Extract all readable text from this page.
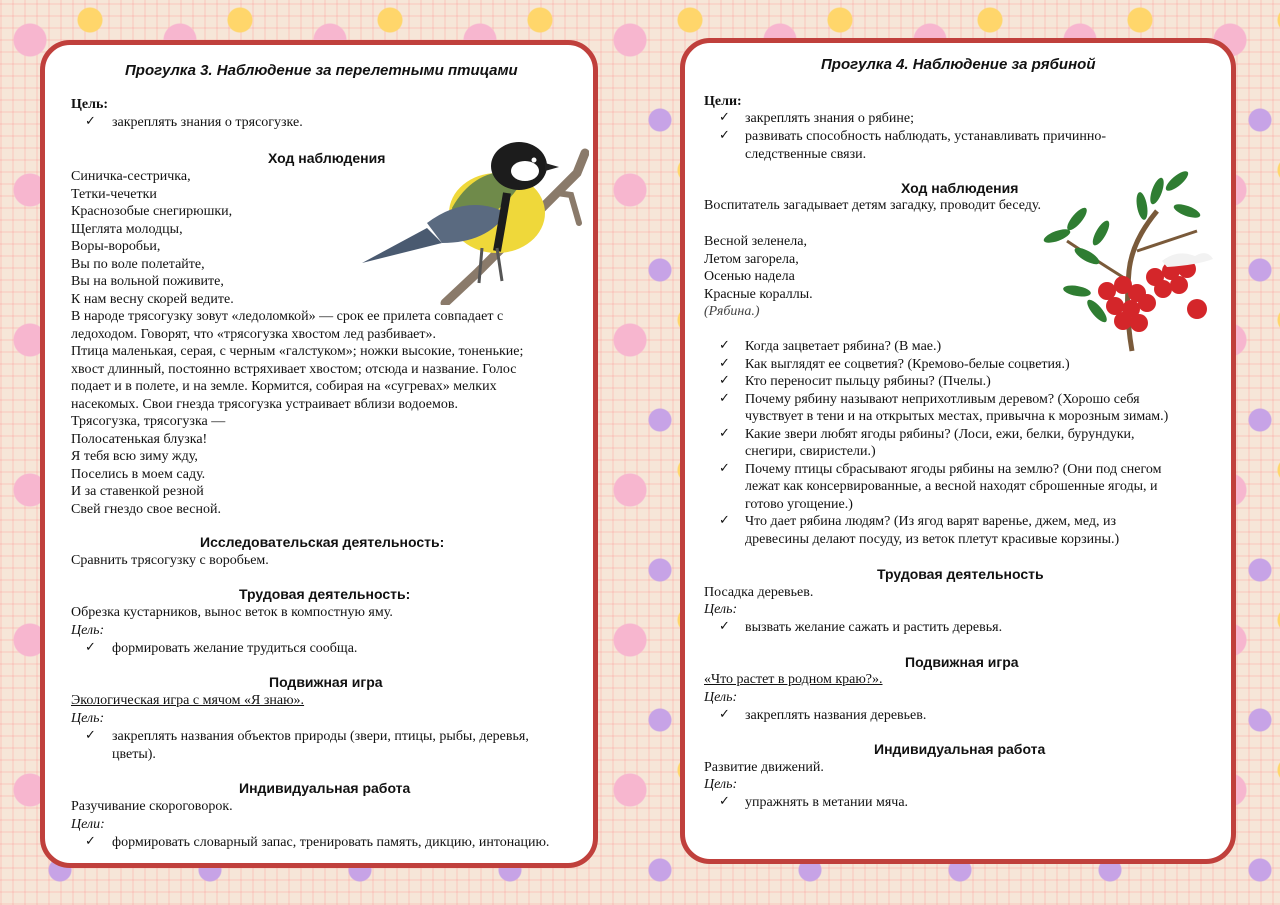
Прогулка 3. Наблюдение за перелетными птицами
Цель:
✓ закреплять знания о трясогузке.
Ход наблюдения
Синичка-сестричка,
Тетки-чечетки
Краснозобые снегирюшки,
Щеглята молодцы,
Воры-воробьи,
Вы по воле полетайте,
Вы на вольной поживите,
К нам весну скорей ведите.
В народе трясогузку зовут «ледоломкой» — срок ее прилета совпадает с
ледоходом. Говорят, что «трясогузка хвостом лед разбивает».
Птица маленькая, серая, с черным «галстуком»; ножки высокие, тоненькие;
хвост длинный, постоянно встряхивает хвостом; отсюда и название. Голос
подает и в полете, и на земле. Кормится, собирая на «сугревах» мелких
насекомых. Свои гнезда трясогузка устраивает вблизи водоемов.
Трясогузка, трясогузка —
Полосатенькая блузка!
Я тебя всю зиму жду,
Поселись в моем саду.
И за ставенкой резной
Свей гнездо свое весной.
Исследовательская деятельность:
Сравнить трясогузку с воробьем.
Трудовая деятельность:
Обрезка кустарников, вынос веток в компостную яму.
Цель:
✓ формировать желание трудиться сообща.
Подвижная игра
Экологическая игра с мячом «Я знаю».
Цель:
✓ закреплять названия объектов природы (звери, птицы, рыбы, деревья,
цветы).
Индивидуальная работа
Разучивание скороговорок.
Цели:
✓ формировать словарный запас, тренировать память, дикцию, интонацию.
Прогулка 4. Наблюдение за рябиной
Цели:
✓ закреплять знания о рябине;
✓ развивать способность наблюдать, устанавливать причинно-
следственные связи.
Ход наблюдения
Воспитатель загадывает детям загадку, проводит беседу.
Весной зеленела,
Летом загорела,
Осенью надела
Красные кораллы.
(Рябина.)
✓ Когда зацветает рябина? (В мае.)
✓ Как выглядят ее соцветия? (Кремово-белые соцветия.)
✓ Кто переносит пыльцу рябины? (Пчелы.)
✓ Почему рябину называют неприхотливым деревом? (Хорошо себя
чувствует в тени и на открытых местах, привычна к морозным зимам.)
✓ Какие звери любят ягоды рябины? (Лоси, ежи, белки, бурундуки,
снегири, свиристели.)
✓ Почему птицы сбрасывают ягоды рябины на землю? (Они под снегом
лежат как консервированные, а весной находят сброшенные ягоды, и
готово угощение.)
✓ Что дает рябина людям? (Из ягод варят варенье, джем, мед, из
древесины делают посуду, из веток плетут красивые корзины.)
Трудовая деятельность
Посадка деревьев.
Цель:
✓ вызвать желание сажать и растить деревья.
Подвижная игра
«Что растет в родном краю?».
Цель:
✓ закреплять названия деревьев.
Индивидуальная работа
Развитие движений.
Цель:
✓ упражнять в метании мяча.
